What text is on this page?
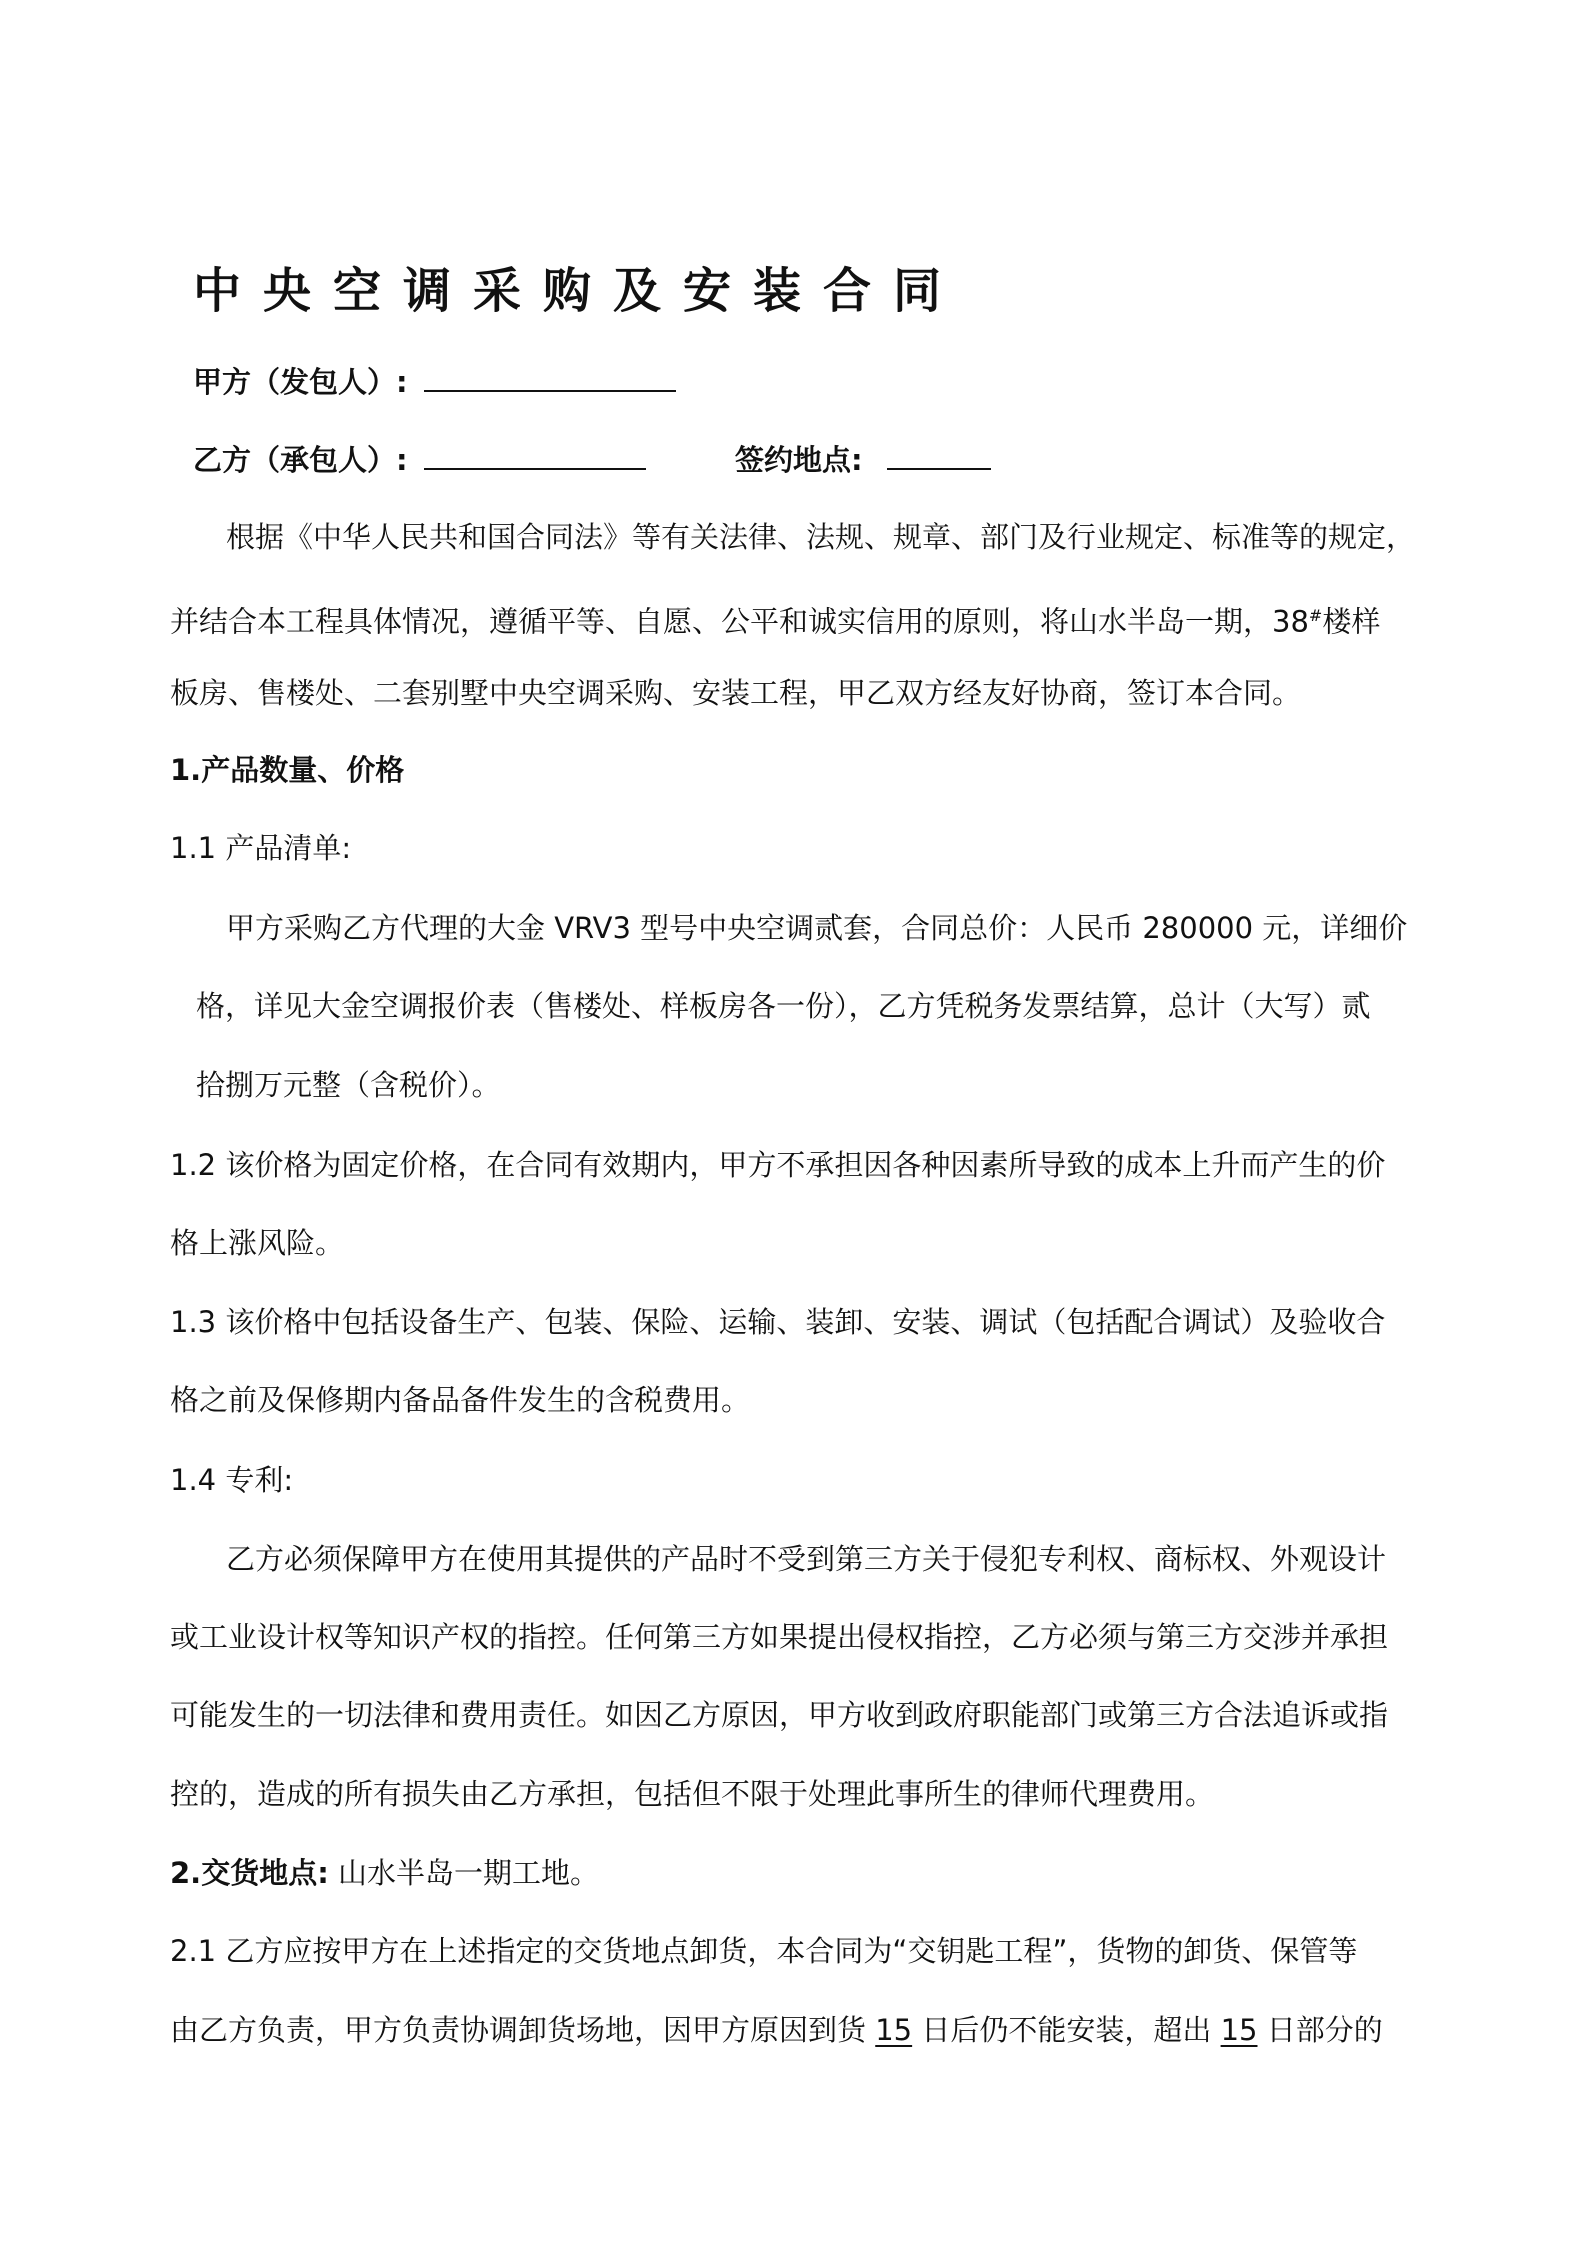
中央空调采购及安装合同
甲方（发包人）:
乙方（承包人）:	签约地点:
根据《中华人民共和国合同法》等有关法律、法规、规章、部门及行业规定、标准等的规定，
并结合本工程具体情况，遵循平等、自愿、公平和诚实信用的原则，将山水半岛一期，38#楼样
板房、售楼处、二套别墅中央空调采购、安装工程，甲乙双方经友好协商，签订本合同。
1.产品数量、价格
1.1 产品清单:
甲方采购乙方代理的大金 VRV3 型号中央空调贰套，合同总价：人民币 280000 元，详细价
格，详见大金空调报价表（售楼处、样板房各一份），乙方凭税务发票结算，总计（大写）贰
拾捌万元整（含税价）。
1.2 该价格为固定价格，在合同有效期内，甲方不承担因各种因素所导致的成本上升而产生的价
格上涨风险。
1.3 该价格中包括设备生产、包装、保险、运输、装卸、安装、调试（包括配合调试）及验收合
格之前及保修期内备品备件发生的含税费用。
1.4 专利:
乙方必须保障甲方在使用其提供的产品时不受到第三方关于侵犯专利权、商标权、外观设计
或工业设计权等知识产权的指控。任何第三方如果提出侵权指控，乙方必须与第三方交涉并承担
可能发生的一切法律和费用责任。如因乙方原因，甲方收到政府职能部门或第三方合法追诉或指
控的，造成的所有损失由乙方承担，包括但不限于处理此事所生的律师代理费用。
2.交货地点: 山水半岛一期工地。
2.1 乙方应按甲方在上述指定的交货地点卸货，本合同为“交钥匙工程”，货物的卸货、保管等
由乙方负责，甲方负责协调卸货场地，因甲方原因到货 15 日后仍不能安装，超出 15 日部分的
